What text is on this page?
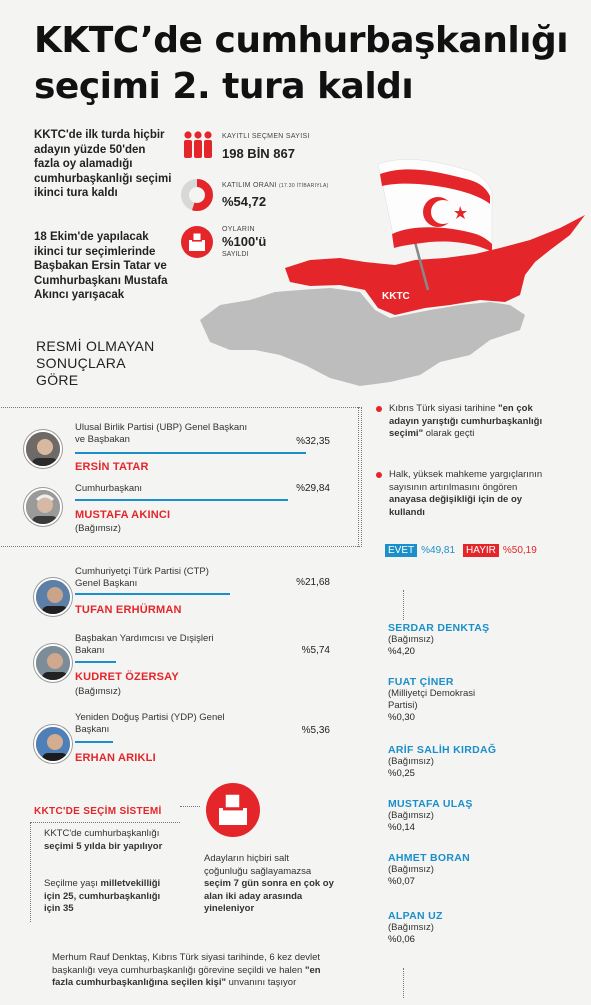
KKTC’de cumhurbaşkanlığı
seçimi 2. tura kaldı
KKTC'de ilk turda hiçbir adayın yüzde 50'den fazla oy alamadığı cumhurbaşkanlığı seçimi ikinci tura kaldı
18 Ekim'de yapılacak ikinci tur seçimlerinde Başbakan Ersin Tatar ve Cumhurbaşkanı Mustafa Akıncı yarışacak
RESMİ OLMAYAN
SONUÇLARA
GÖRE
KAYITLI SEÇMEN SAYISI
198 BİN 867
KATILIM ORANI (17.30 İTİBARIYLA)
%54,72
OYLARIN
%100'ü
SAYILDI
KKTC
Ulusal Birlik Partisi (UBP) Genel Başkanı ve Başbakan	%32,35
ERSİN TATAR
Cumhurbaşkanı	%29,84
MUSTAFA AKINCI
(Bağımsız)
Cumhuriyetçi Türk Partisi (CTP) Genel Başkanı	%21,68
TUFAN ERHÜRMAN
Başbakan Yardımcısı ve Dışişleri Bakanı	%5,74
KUDRET ÖZERSAY
(Bağımsız)
Yeniden Doğuş Partisi (YDP) Genel Başkanı	%5,36
ERHAN ARIKLI
Kıbrıs Türk siyasi tarihine "en çok adayın yarıştığı cumhurbaşkanlığı seçimi" olarak geçti
Halk, yüksek mahkeme yargıçlarının sayısının artırılmasını öngören anayasa değişikliği için de oy kullandı
EVET %49,81	HAYIR %50,19
SERDAR DENKTAŞ
(Bağımsız)
%4,20
FUAT ÇİNER
(Milliyetçi Demokrasi Partisi)
%0,30
ARİF SALİH KIRDAĞ
(Bağımsız)
%0,25
MUSTAFA ULAŞ
(Bağımsız)
%0,14
AHMET BORAN
(Bağımsız)
%0,07
ALPAN UZ
(Bağımsız)
%0,06
KKTC'DE SEÇİM SİSTEMİ
KKTC'de cumhurbaşkanlığı seçimi 5 yılda bir yapılıyor
Seçilme yaşı milletvekilliği için 25, cumhurbaşkanlığı için 35
Adayların hiçbiri salt çoğunluğu sağlayamazsa seçim 7 gün sonra en çok oy alan iki aday arasında yineleniyor
Merhum Rauf Denktaş, Kıbrıs Türk siyasi tarihinde, 6 kez devlet başkanlığı veya cumhurbaşkanlığı görevine seçildi ve halen "en fazla cumhurbaşkanlığına seçilen kişi" unvanını taşıyor
